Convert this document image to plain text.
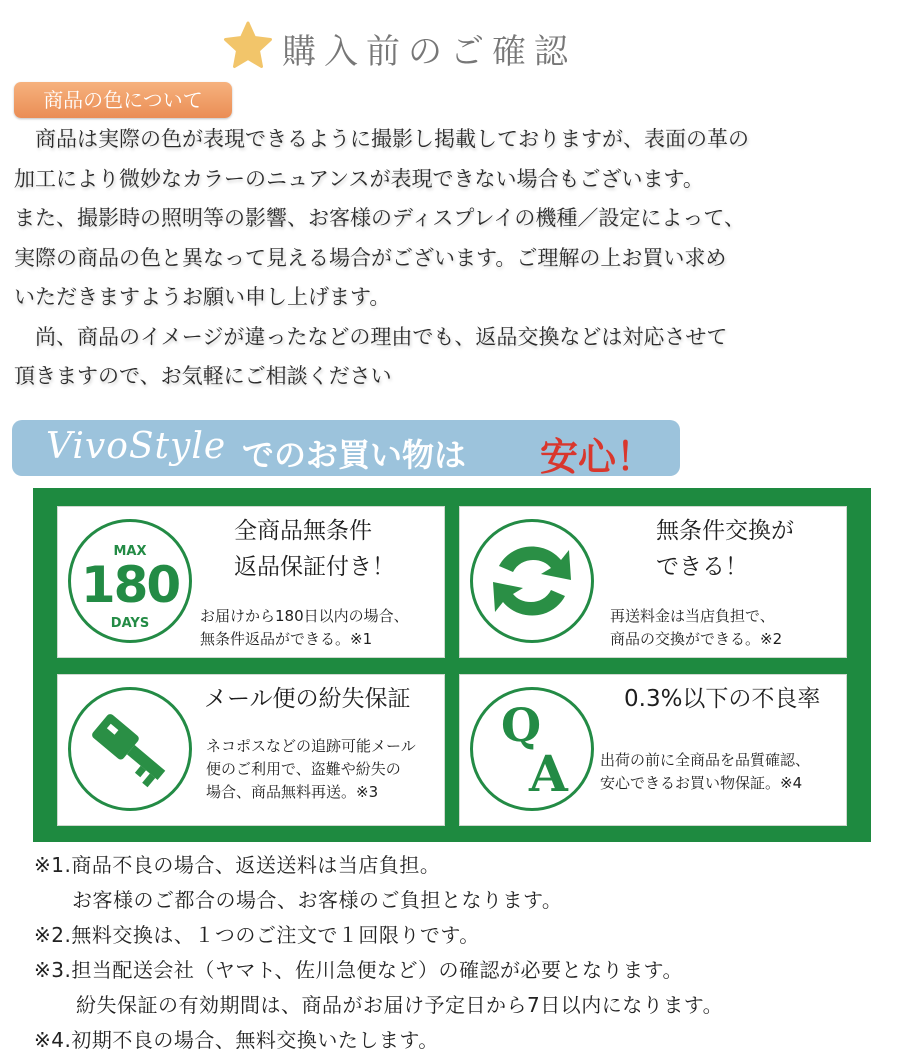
購入前のご確認
商品の色について
　商品は実際の色が表現できるように撮影し掲載しておりますが、表面の革の
加工により微妙なカラーのニュアンスが表現できない場合もございます。
また、撮影時の照明等の影響、お客様のディスプレイの機種／設定によって、
実際の商品の色と異なって見える場合がございます。ご理解の上お買い求め
いただきますようお願い申し上げます。
　尚、商品のイメージが違ったなどの理由でも、返品交換などは対応させて
頂きますので、お気軽にご相談ください
VivoStyle でのお買い物は 安心！
MAX
180
DAYS
全商品無条件
返品保証付き！
お届けから180日以内の場合、
無条件返品ができる。※1
無条件交換が
できる！
再送料金は当店負担で、
商品の交換ができる。※2
メール便の紛失保証
ネコポスなどの追跡可能メール
便のご利用で、盗難や紛失の
場合、商品無料再送。※3
Q
A
0.3%以下の不良率
出荷の前に全商品を品質確認、
安心できるお買い物保証。※4
※1.商品不良の場合、返送送料は当店負担。
お客様のご都合の場合、お客様のご負担となります。
※2.無料交換は、１つのご注文で１回限りです。
※3.担当配送会社（ヤマト、佐川急便など）の確認が必要となります。
紛失保証の有効期間は、商品がお届け予定日から7日以内になります。
※4.初期不良の場合、無料交換いたします。
